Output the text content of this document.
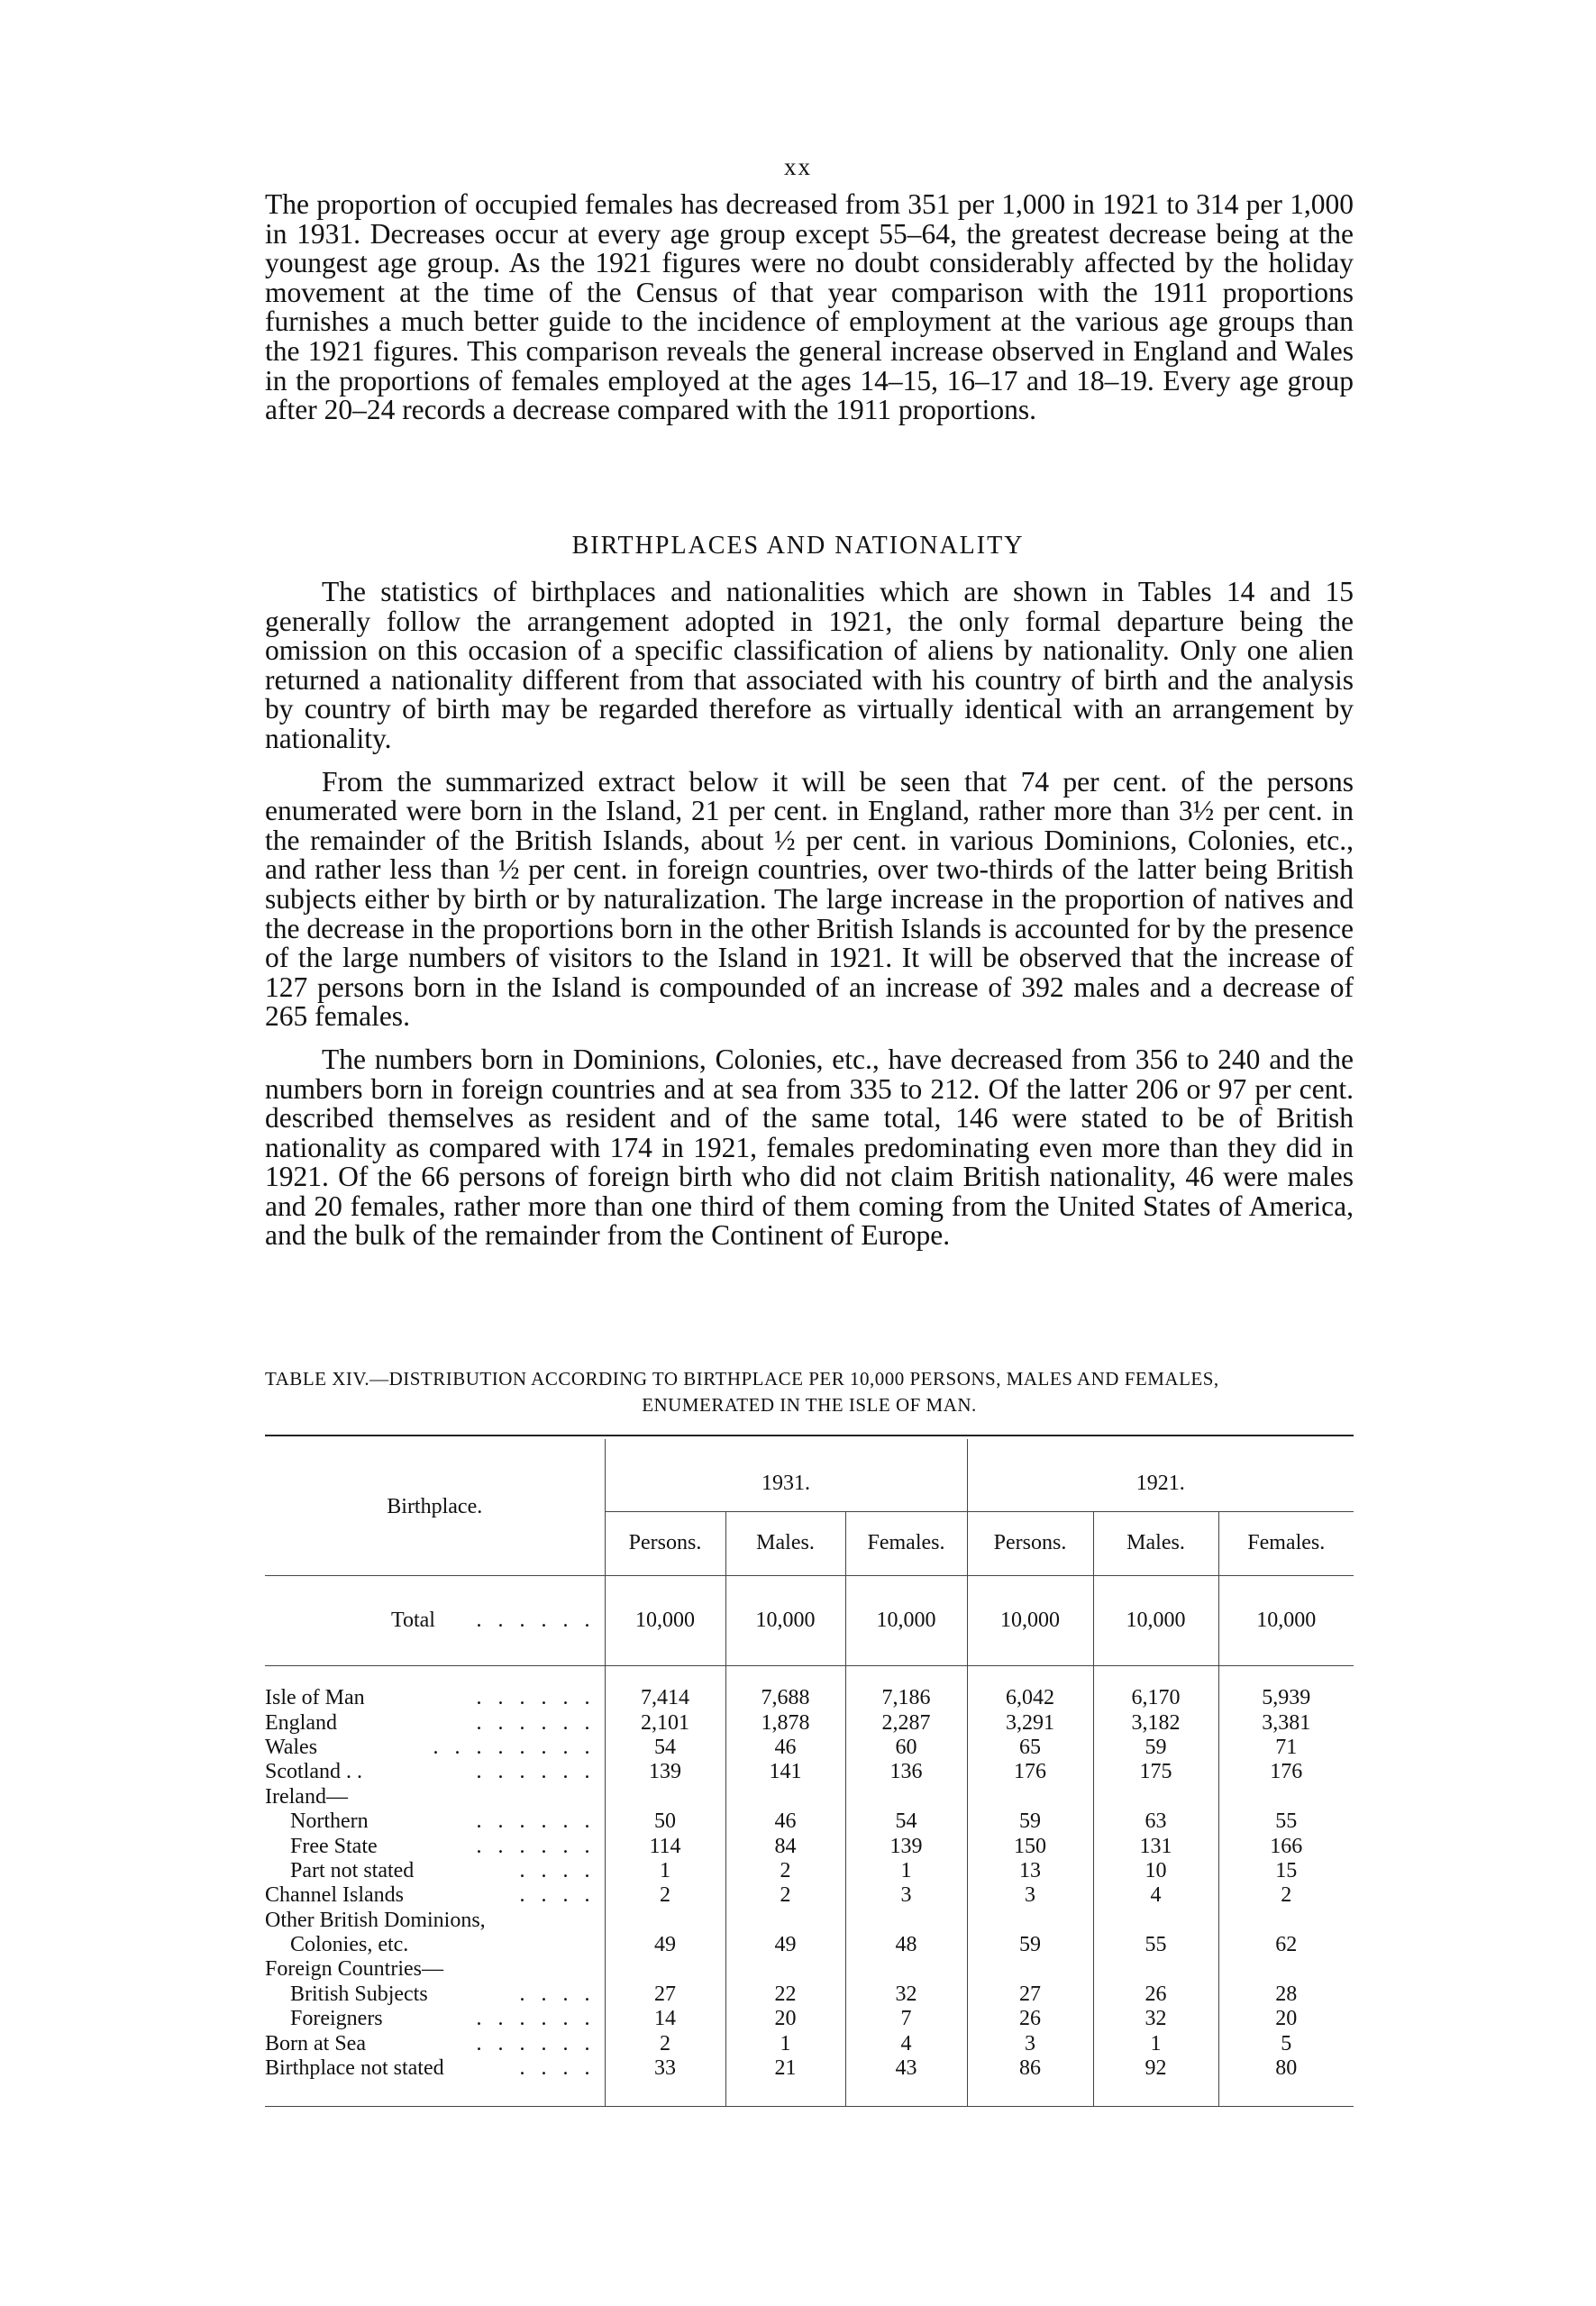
xx

The proportion of occupied females has decreased from 351 per 1,000 in 1921 to 314 per 1,000 in 1931. Decreases occur at every age group except 55–64, the greatest decrease being at the youngest age group. As the 1921 figures were no doubt considerably affected by the holiday movement at the time of the Census of that year comparison with the 1911 proportions furnishes a much better guide to the incidence of employment at the various age groups than the 1921 figures. This comparison reveals the general increase observed in England and Wales in the proportions of females employed at the ages 14–15, 16–17 and 18–19. Every age group after 20–24 records a decrease compared with the 1911 proportions.

BIRTHPLACES AND NATIONALITY

The statistics of birthplaces and nationalities which are shown in Tables 14 and 15 generally follow the arrangement adopted in 1921, the only formal departure being the omission on this occasion of a specific classification of aliens by nationality. Only one alien returned a nationality different from that associated with his country of birth and the analysis by country of birth may be regarded therefore as virtually identical with an arrangement by nationality.

From the summarized extract below it will be seen that 74 per cent. of the persons enumerated were born in the Island, 21 per cent. in England, rather more than 3½ per cent. in the remainder of the British Islands, about ½ per cent. in various Dominions, Colonies, etc., and rather less than ½ per cent. in foreign countries, over two-thirds of the latter being British subjects either by birth or by naturalization. The large increase in the proportion of natives and the decrease in the proportions born in the other British Islands is accounted for by the presence of the large numbers of visitors to the Island in 1921. It will be observed that the increase of 127 persons born in the Island is compounded of an increase of 392 males and a decrease of 265 females.

The numbers born in Dominions, Colonies, etc., have decreased from 356 to 240 and the numbers born in foreign countries and at sea from 335 to 212. Of the latter 206 or 97 per cent. described themselves as resident and of the same total, 146 were stated to be of British nationality as compared with 174 in 1921, females predominating even more than they did in 1921. Of the 66 persons of foreign birth who did not claim British nationality, 46 were males and 20 females, rather more than one third of them coming from the United States of America, and the bulk of the remainder from the Continent of Europe.

TABLE XIV.—DISTRIBUTION ACCORDING TO BIRTHPLACE PER 10,000 PERSONS, MALES AND FEMALES,
ENUMERATED IN THE ISLE OF MAN.
Birthplace.	1931.			1921.		
	Persons.	Males.	Females.	Persons.	Males.	Females.
Total . . . . . .	10,000	10,000	10,000	10,000	10,000	10,000

Isle of Man . . . . . .	7,414	7,688	7,186	6,042	6,170	5,939
England . . . . . .	2,101	1,878	2,287	3,291	3,182	3,381
Wales . . . . . . . .	54	46	60	65	59	71
Scotland . . . . . . . .	139	141	136	176	175	176
Ireland—						
Northern . . . . . .	50	46	54	59	63	55
Free State . . . . . .	114	84	139	150	131	166
Part not stated . . . .	1	2	1	13	10	15
Channel Islands . . . .	2	2	3	3	4	2
Other British Dominions,						
Colonies, etc.	49	49	48	59	55	62
Foreign Countries—						
British Subjects . . . .	27	22	32	27	26	28
Foreigners . . . . . .	14	20	7	26	32	20
Born at Sea . . . . . .	2	1	4	3	1	5
Birthplace not stated . . . .	33	21	43	86	92	80
